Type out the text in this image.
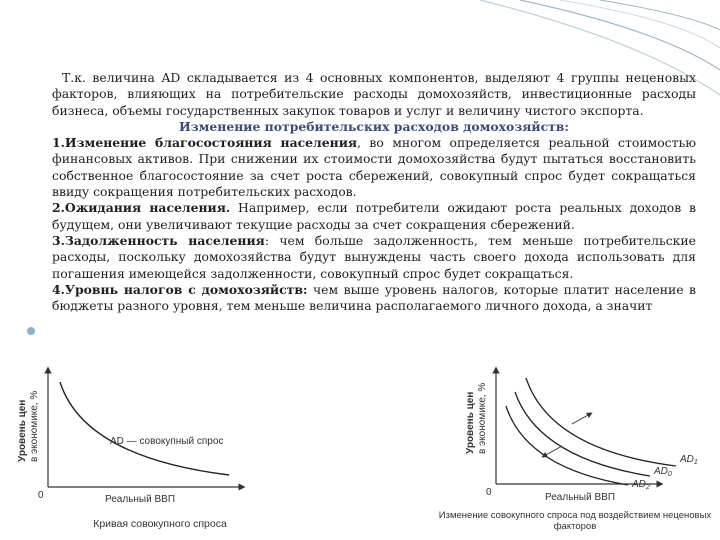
Т.к. величина AD складывается из 4 основных компонентов, выделяют 4 группы неценовых факторов, влияющих на потребительские расходы домохозяйств, инвестиционные расходы бизнеса, объемы государственных закупок товаров и услуг и величину чистого экспорта.

Изменение потребительских расходов домохозяйств:

1.Изменение благосостояния населения, во многом определяется реальной стоимостью финансовых активов. При снижении их стоимости домохозяйства будут пытаться восстановить собственное благосостояние за счет роста сбережений, совокупный спрос будет сокращаться ввиду сокращения потребительских расходов.

2.Ожидания населения. Например, если потребители ожидают роста реальных доходов в будущем, они увеличивают текущие расходы за счет сокращения сбережений.

3.Задолженность населения: чем больше задолженность, тем меньше потребительские расходы, поскольку домохозяйства будут вынуждены часть своего дохода использовать для погашения имеющейся задолженности, совокупный спрос будет сокращаться.

4.Уровнь налогов с домохозяйств: чем выше уровень налогов, которые платит население в бюджеты разного уровня, тем меньше величина располагаемого личного дохода, а значит

Уровень цен в экономике, %
0
AD — совокупный спрос
Реальный ВВП
Кривая совокупного спроса
Уровень цен в экономике, %
0
$AD_1$
$AD_0$
$AD_2$
Реальный ВВП
Изменение совокупного спроса под воздействием неценовых
факторов
